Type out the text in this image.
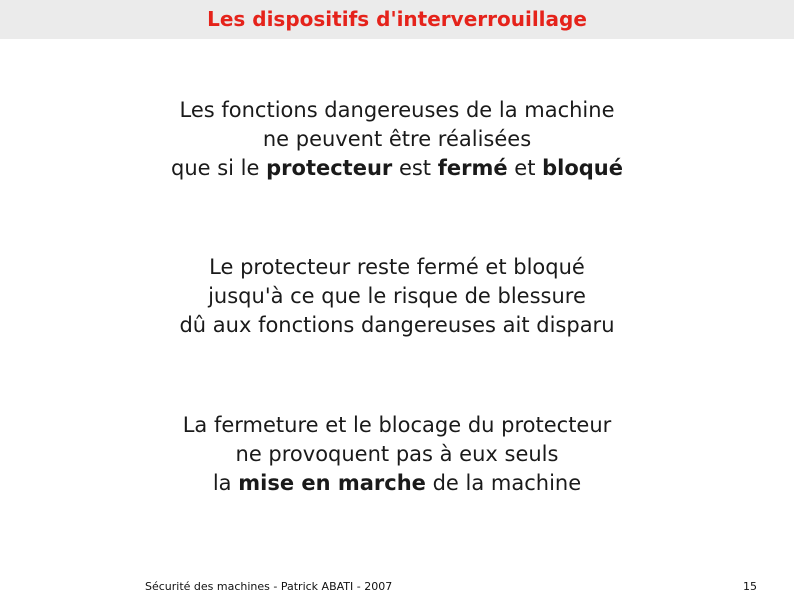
Les dispositifs d'interverrouillage
Les fonctions dangereuses de la machine
ne peuvent être réalisées
que si le protecteur est fermé et bloqué
Le protecteur reste fermé et bloqué
jusqu'à ce que le risque de blessure
dû aux fonctions dangereuses ait disparu
La fermeture et le blocage du protecteur
ne provoquent pas à eux seuls
la mise en marche de la machine
Sécurité des machines - Patrick ABATI - 2007	15
